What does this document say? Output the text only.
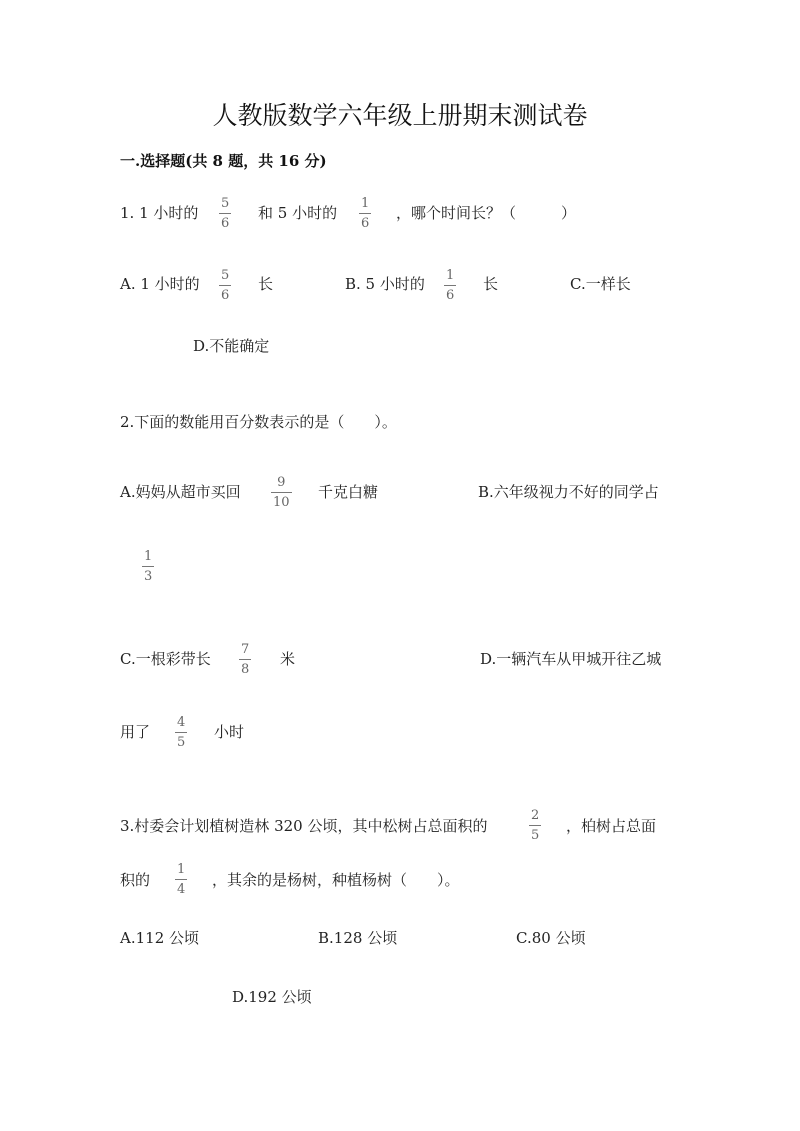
人教版数学六年级上册期末测试卷
一.选择题(共 8 题，共 16 分)
1. 1 小时的
5
6
和 5 小时的
1
6
，哪个时间长？（　　　）
A. 1 小时的 5
6
长	B. 5 小时的 1
6
长	C.一样长
D.不能确定
2.下面的数能用百分数表示的是（　　）。
A.妈妈从超市买回
9
10
千克白糖	B.六年级视力不好的同学占
1
3
C.一根彩带长
7
8
米	D.一辆汽车从甲城开往乙城
用了
4
5
小时
3.村委会计划植树造林 320 公顷，其中松树占总面积的
2
5
，柏树占总面
积的
1
4
，其余的是杨树，种植杨树（　　）。
A.112 公顷	B.128 公顷	C.80 公顷
D.192 公顷
